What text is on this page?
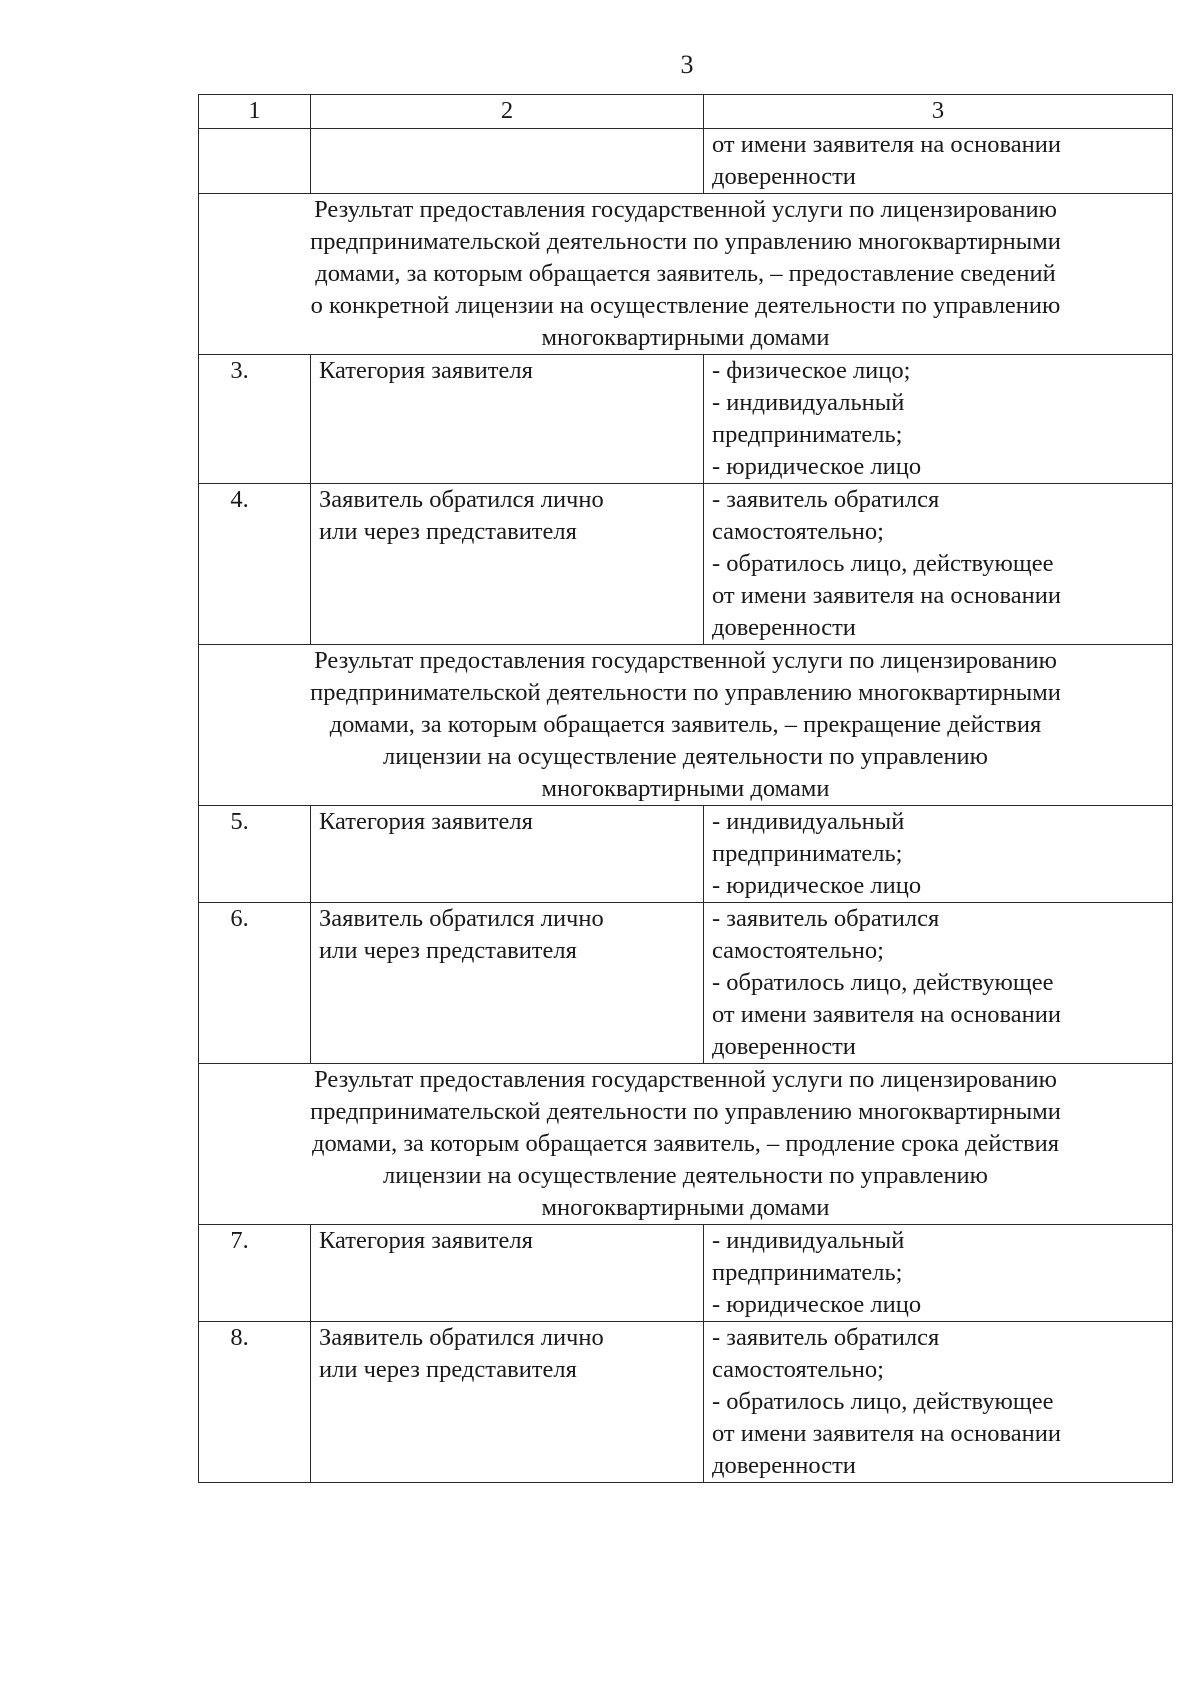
3
1	2	3

		от имени заявителя на основании
доверенности

Результат предоставления государственной услуги по лицензированию
предпринимательской деятельности по управлению многоквартирными
домами, за которым обращается заявитель, – предоставление сведений
о конкретной лицензии на осуществление деятельности по управлению
многоквартирными домами		

3.	Категория заявителя	- физическое лицо;
- индивидуальный
предприниматель;
- юридическое лицо

4.	Заявитель обратился лично
или через представителя	- заявитель обратился
самостоятельно;
- обратилось лицо, действующее
от имени заявителя на основании
доверенности

Результат предоставления государственной услуги по лицензированию
предпринимательской деятельности по управлению многоквартирными
домами, за которым обращается заявитель, – прекращение действия
лицензии на осуществление деятельности по управлению
многоквартирными домами		

5.	Категория заявителя	- индивидуальный
предприниматель;
- юридическое лицо

6.	Заявитель обратился лично
или через представителя	- заявитель обратился
самостоятельно;
- обратилось лицо, действующее
от имени заявителя на основании
доверенности

Результат предоставления государственной услуги по лицензированию
предпринимательской деятельности по управлению многоквартирными
домами, за которым обращается заявитель, – продление срока действия
лицензии на осуществление деятельности по управлению
многоквартирными домами		

7.	Категория заявителя	- индивидуальный
предприниматель;
- юридическое лицо

8.	Заявитель обратился лично
или через представителя	- заявитель обратился
самостоятельно;
- обратилось лицо, действующее
от имени заявителя на основании
доверенности
